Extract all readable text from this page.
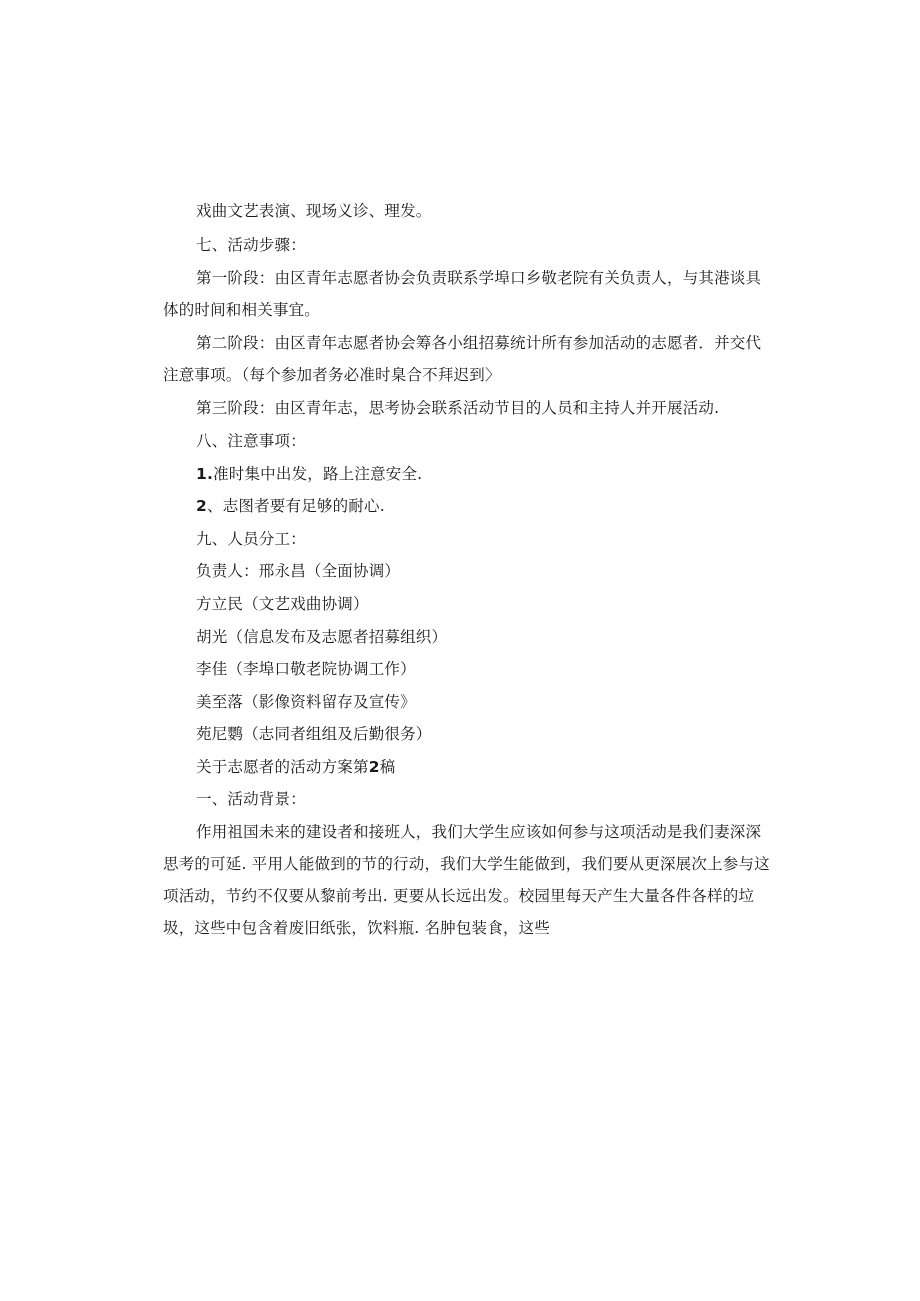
戏曲文艺表演、现场义诊、理发。
七、活动步骤：
第一阶段：由区青年志愿者协会负责联系学埠口乡敬老院有关负责人，与其港谈具
体的时间和相关事宜。
第二阶段：由区青年志愿者协会筹各小组招募统计所有参加活动的志愿者．并交代
注意事项。（每个参加者务必准时臬合不拜迟到〉
第三阶段：由区青年志，思考协会联系活动节目的人员和主持人并开展活动.
八、注意事项：
1.准时集中出发，路上注意安全.
2、志图者要有足够的耐心.
九、人员分工：
负责人：邢永昌（全面协调）
方立民（文艺戏曲协调）
胡光（信息发布及志愿者招募组织）
李佳（李埠口敬老院协调工作）
美至落（影像资料留存及宣传》
苑尼鹦（志同者组组及后勤很务）
关于志愿者的活动方案第2稿
一、活动背景：
作用祖国未来的建设者和接班人，我们大学生应该如何参与这项活动是我们妻深深
思考的可延. 平用人能做到的节的行动，我们大学生能做到，我们要从更深展次上参与这
项活动，节约不仅要从黎前考出. 更要从长远出发。校园里每天产生大量各件各样的垃
圾，这些中包含着废旧纸张，饮料瓶. 名肿包装食，这些
